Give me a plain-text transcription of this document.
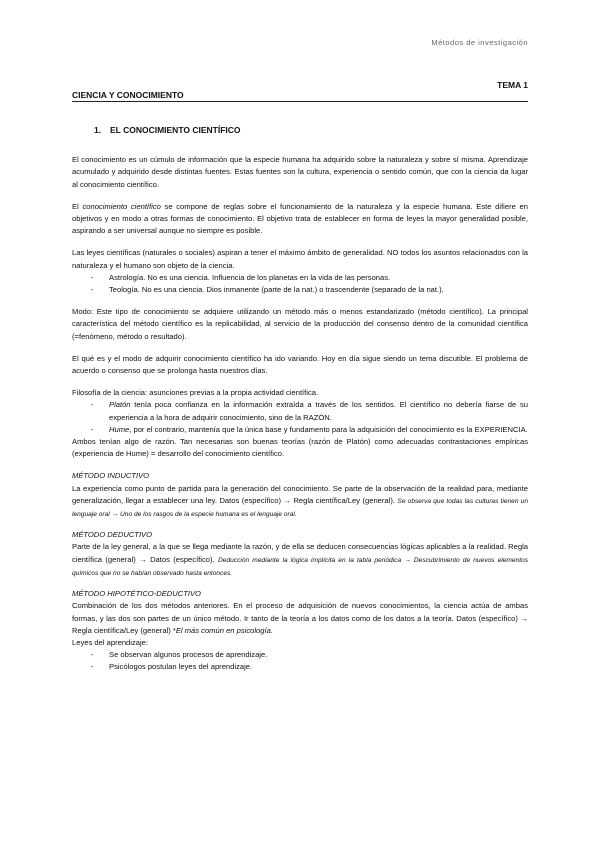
Métodos de investigación
TEMA 1
CIENCIA Y CONOCIMIENTO
1. EL CONOCIMIENTO CIENTÍFICO

El conocimiento es un cúmulo de información que la especie humana ha adquirido sobre la naturaleza y sobre sí misma. Aprendizaje acumulado y adquirido desde distintas fuentes. Estas fuentes son la cultura, experiencia o sentido común, que con la ciencia da lugar al conocimiento científico.

El conocimiento científico se compone de reglas sobre el funcionamiento de la naturaleza y la especie humana. Este difiere en objetivos y en modo a otras formas de conocimiento. El objetivo trata de establecer en forma de leyes la mayor generalidad posible, aspirando a ser universal aunque no siempre es posible.

Las leyes científicas (naturales o sociales) aspiran a tener el máximo ámbito de generalidad. NO todos los asuntos relacionados con la naturaleza y el humano son objeto de la ciencia.

- Astrología. No es una ciencia. Influencia de los planetas en la vida de las personas.
- Teología. No es una ciencia. Dios inmanente (parte de la nat.) o trascendente (separado de la nat.).

Modo: Este tipo de conocimiento se adquiere utilizando un método más o menos estandarizado (método científico). La principal característica del método científico es la replicabilidad, al servicio de la producción del consenso dentro de la comunidad científica (=fenómeno, método o resultado).

El qué es y el modo de adquirir conocimiento científico ha ido variando. Hoy en día sigue siendo un tema discutible. El problema de acuerdo o consenso que se prolonga hasta nuestros días.

Filosofía de la ciencia: asunciones previas a la propia actividad científica.

- Platón tenía poca confianza en la información extraída a través de los sentidos. El científico no debería fiarse de su experiencia a la hora de adquirir conocimiento, sino de la RAZÓN.
- Hume, por el contrario, mantenía que la única base y fundamento para la adquisición del conocimiento es la EXPERIENCIA.

Ambos tenían algo de razón. Tan necesarias son buenas teorías (razón de Platón) como adecuadas contrastaciones empíricas (experiencia de Hume) = desarrollo del conocimiento científico.

MÉTODO INDUCTIVO

La experiencia como punto de partida para la generación del conocimiento. Se parte de la observación de la realidad para, mediante generalización, llegar a establecer una ley. Datos (específico) → Regla científica/Ley (general). Se observa que todas las culturas tienen un lenguaje oral → Uno de los rasgos de la especie humana es el lenguaje oral.

MÉTODO DEDUCTIVO

Parte de la ley general, a la que se llega mediante la razón, y de ella se deducen consecuencias lógicas aplicables a la realidad. Regla científica (general) → Datos (específico). Deducción mediante la lógica implícita en la tabla periódica → Descubrimiento de nuevos elementos químicos que no se habían observado hasta entonces.

MÉTODO HIPOTÉTICO-DEDUCTIVO

Combinación de los dos métodos anteriores. En el proceso de adquisición de nuevos conocimientos, la ciencia actúa de ambas formas, y las dos son partes de un único método. Ir tanto de la teoría a los datos como de los datos a la teoría. Datos (específico) → Regla científica/Ley (general) *El más común en psicología.

Leyes del aprendizaje:

- Se observan algunos procesos de aprendizaje.
- Psicólogos postulan leyes del aprendizaje.
